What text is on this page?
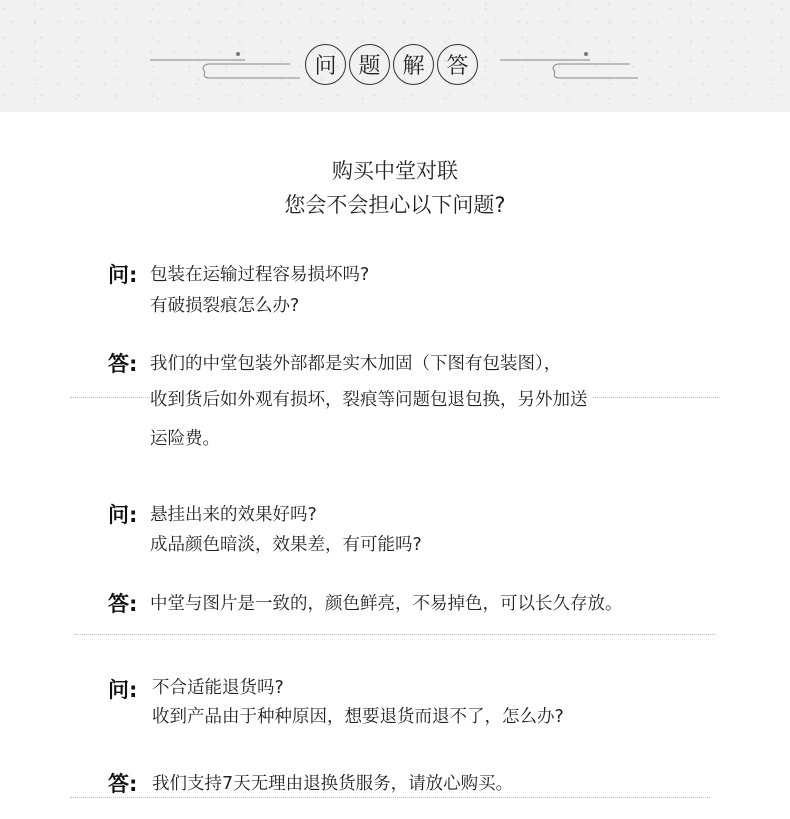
问 题 解 答
购买中堂对联
您会不会担心以下问题?
问: 包装在运输过程容易损坏吗?
有破损裂痕怎么办?
答: 我们的中堂包装外部都是实木加固（下图有包装图），
收到货后如外观有损坏，裂痕等问题包退包换，另外加送
运险费。
问: 悬挂出来的效果好吗?
成品颜色暗淡，效果差，有可能吗?
答: 中堂与图片是一致的，颜色鲜亮，不易掉色，可以长久存放。
问: 不合适能退货吗?
收到产品由于种种原因，想要退货而退不了，怎么办?
答: 我们支持7天无理由退换货服务，请放心购买。
